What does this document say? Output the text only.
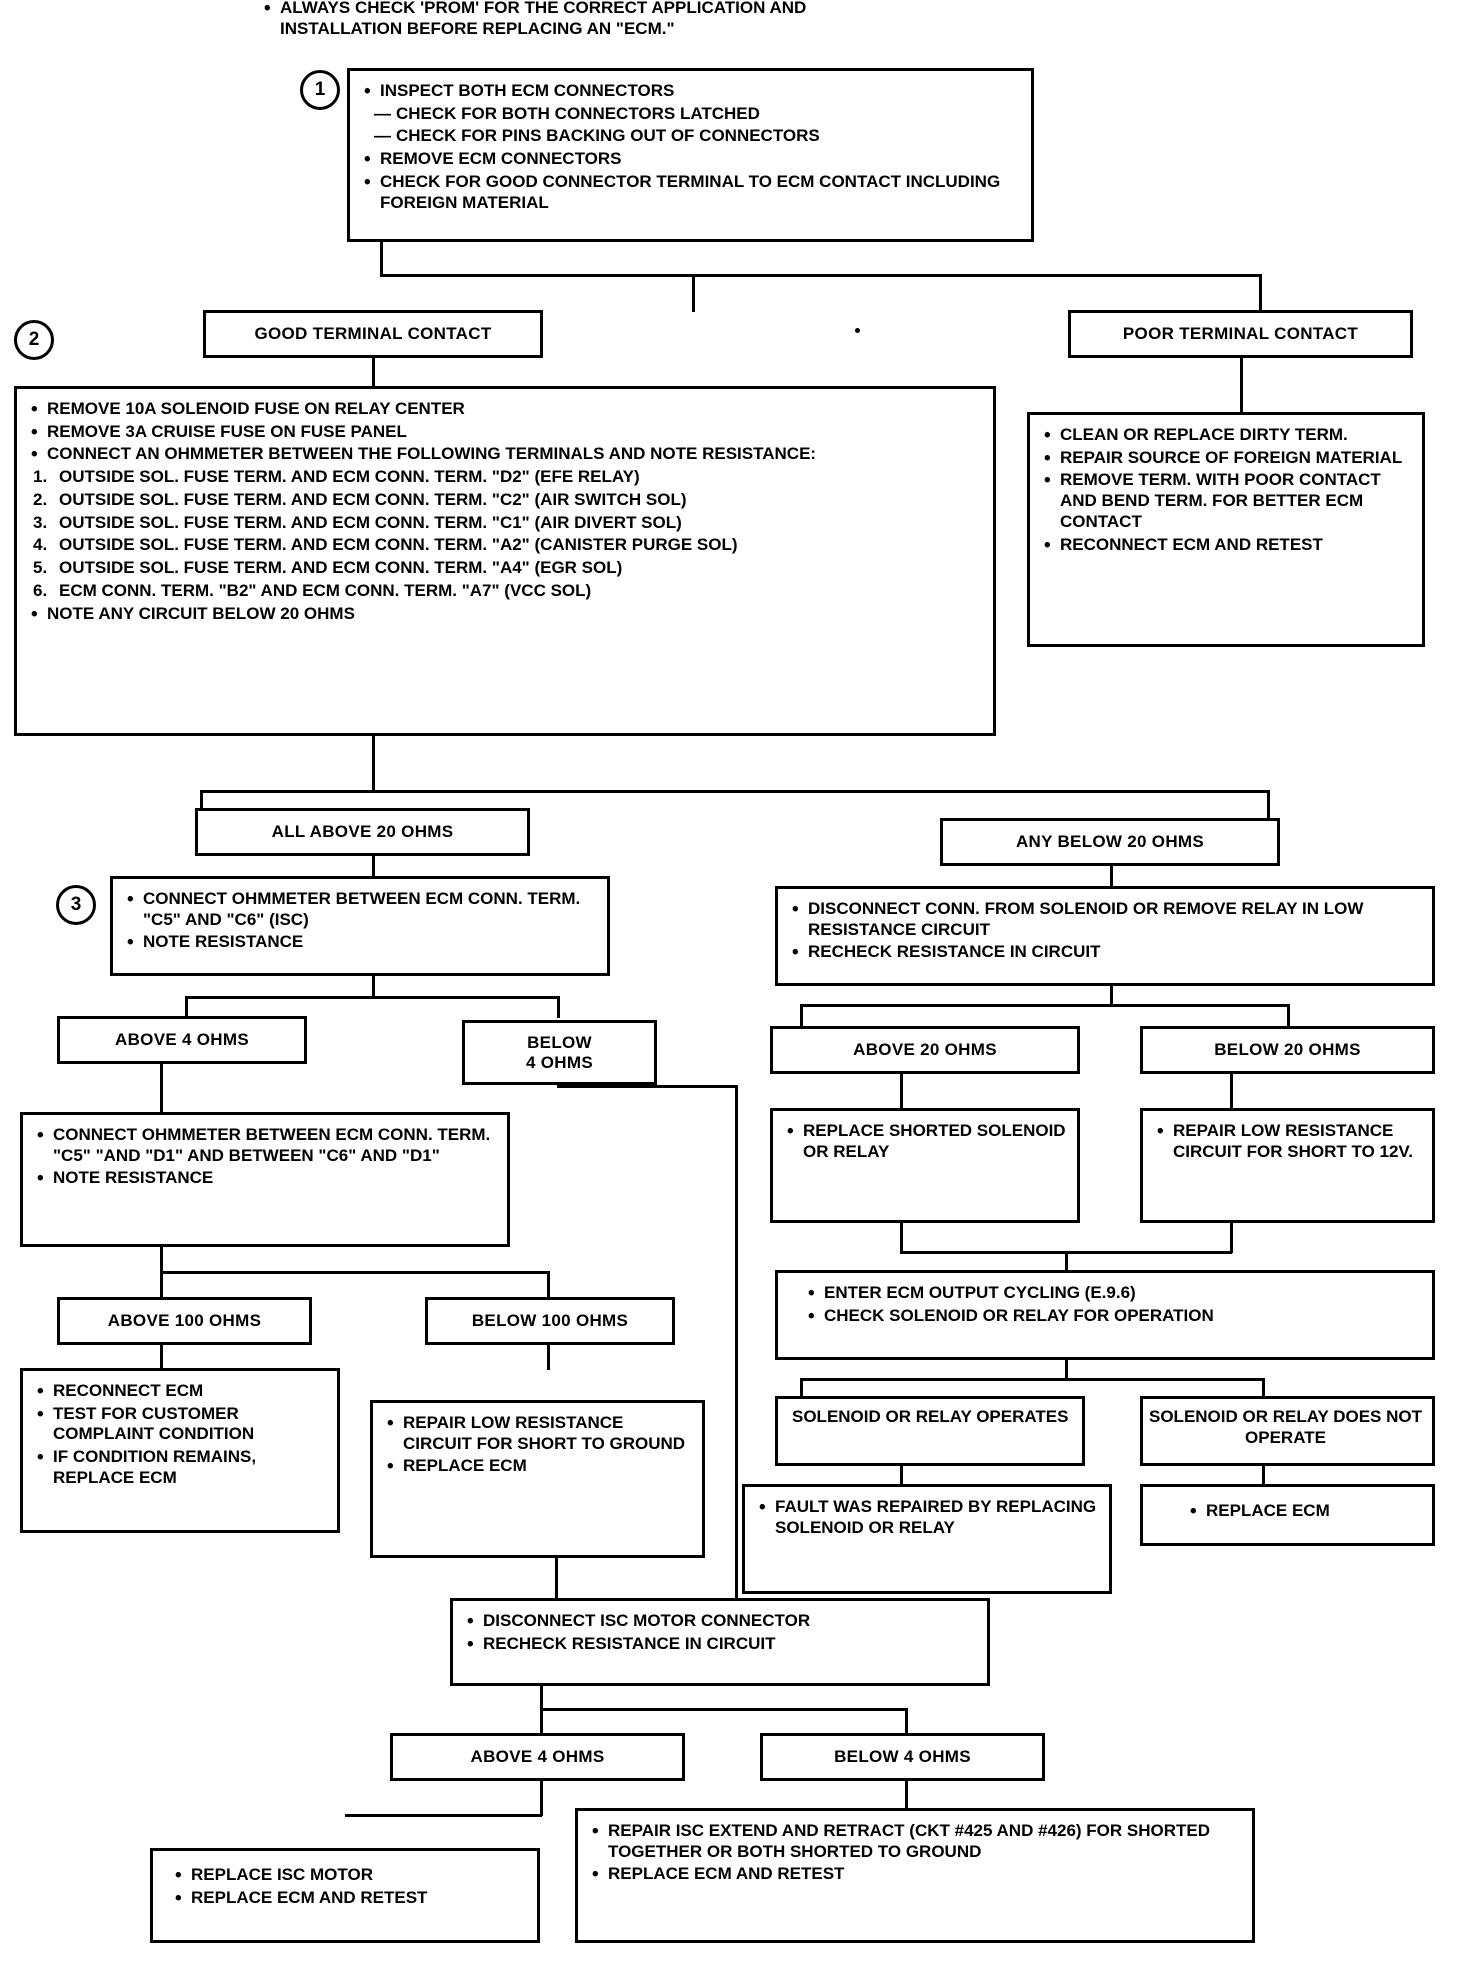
• ALWAYS CHECK 'PROM' FOR THE CORRECT APPLICATION AND
INSTALLATION BEFORE REPLACING AN "ECM."
1
2
3
• INSPECT BOTH ECM CONNECTORS
— CHECK FOR BOTH CONNECTORS LATCHED
— CHECK FOR PINS BACKING OUT OF CONNECTORS
• REMOVE ECM CONNECTORS
• CHECK FOR GOOD CONNECTOR TERMINAL TO ECM CONTACT INCLUDING FOREIGN MATERIAL
GOOD TERMINAL CONTACT	POOR TERMINAL CONTACT
• CLEAN OR REPLACE DIRTY TERM.
• REPAIR SOURCE OF FOREIGN MATERIAL
• REMOVE TERM. WITH POOR CONTACT AND BEND TERM. FOR BETTER ECM CONTACT
• RECONNECT ECM AND RETEST
• REMOVE 10A SOLENOID FUSE ON RELAY CENTER
• REMOVE 3A CRUISE FUSE ON FUSE PANEL
• CONNECT AN OHMMETER BETWEEN THE FOLLOWING TERMINALS AND NOTE RESISTANCE:
1. OUTSIDE SOL. FUSE TERM. AND ECM CONN. TERM. "D2" (EFE RELAY)
2. OUTSIDE SOL. FUSE TERM. AND ECM CONN. TERM. "C2" (AIR SWITCH SOL)
3. OUTSIDE SOL. FUSE TERM. AND ECM CONN. TERM. "C1" (AIR DIVERT SOL)
4. OUTSIDE SOL. FUSE TERM. AND ECM CONN. TERM. "A2" (CANISTER PURGE SOL)
5. OUTSIDE SOL. FUSE TERM. AND ECM CONN. TERM. "A4" (EGR SOL)
6. ECM CONN. TERM. "B2" AND ECM CONN. TERM. "A7" (VCC SOL)
• NOTE ANY CIRCUIT BELOW 20 OHMS
ALL ABOVE 20 OHMS
ANY BELOW 20 OHMS
• CONNECT OHMMETER BETWEEN ECM CONN. TERM. "C5" AND "C6" (ISC)
• NOTE RESISTANCE
• DISCONNECT CONN. FROM SOLENOID OR REMOVE RELAY IN LOW RESISTANCE CIRCUIT
• RECHECK RESISTANCE IN CIRCUIT
ABOVE 4 OHMS	BELOW
4 OHMS
ABOVE 20 OHMS	BELOW 20 OHMS
• CONNECT OHMMETER BETWEEN ECM CONN. TERM. "C5" "AND "D1" AND BETWEEN "C6" AND "D1"
• NOTE RESISTANCE
• REPLACE SHORTED SOLENOID OR RELAY
• REPAIR LOW RESISTANCE CIRCUIT FOR SHORT TO 12V.
• ENTER ECM OUTPUT CYCLING (E.9.6)
• CHECK SOLENOID OR RELAY FOR OPERATION
ABOVE 100 OHMS	BELOW 100 OHMS
SOLENOID OR RELAY OPERATES	SOLENOID OR RELAY DOES NOT OPERATE
• RECONNECT ECM
• TEST FOR CUSTOMER COMPLAINT CONDITION
• IF CONDITION REMAINS, REPLACE ECM
• REPAIR LOW RESISTANCE CIRCUIT FOR SHORT TO GROUND
• REPLACE ECM
• FAULT WAS REPAIRED BY REPLACING SOLENOID OR RELAY
• REPLACE ECM
• DISCONNECT ISC MOTOR CONNECTOR
• RECHECK RESISTANCE IN CIRCUIT
ABOVE 4 OHMS	BELOW 4 OHMS
• REPLACE ISC MOTOR
• REPLACE ECM AND RETEST
• REPAIR ISC EXTEND AND RETRACT (CKT #425 AND #426) FOR SHORTED TOGETHER OR BOTH SHORTED TO GROUND
• REPLACE ECM AND RETEST
